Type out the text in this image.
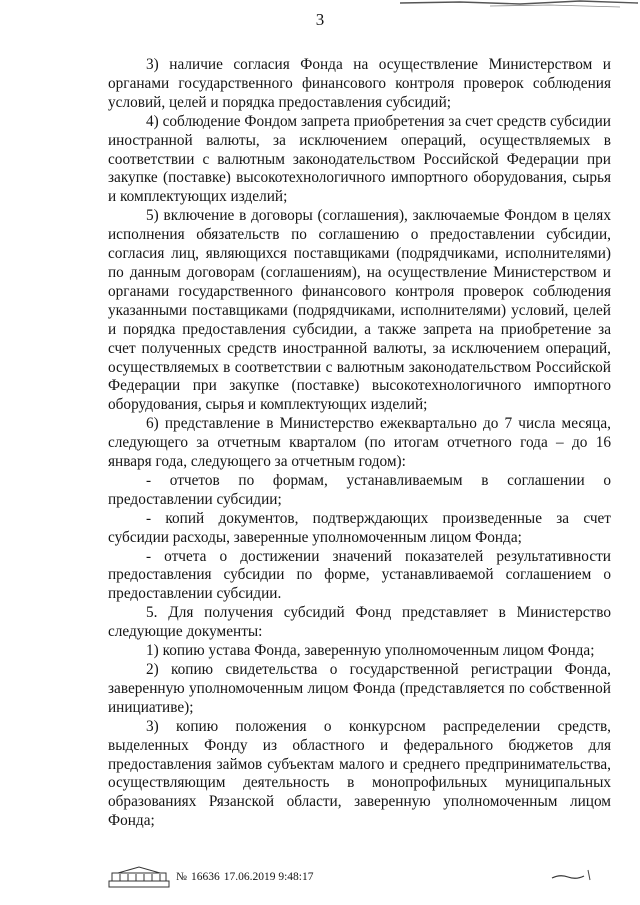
3

3) наличие согласия Фонда на осуществление Министерством и органами государственного финансового контроля проверок соблюдения условий, целей и порядка предоставления субсидий;

4) соблюдение Фондом запрета приобретения за счет средств субсидии иностранной валюты, за исключением операций, осуществляемых в соответствии с валютным законодательством Российской Федерации при закупке (поставке) высокотехнологичного импортного оборудования, сырья и комплектующих изделий;

5) включение в договоры (соглашения), заключаемые Фондом в целях исполнения обязательств по соглашению о предоставлении субсидии, согласия лиц, являющихся поставщиками (подрядчиками, исполнителями) по данным договорам (соглашениям), на осуществление Министерством и органами государственного финансового контроля проверок соблюдения указанными поставщиками (подрядчиками, исполнителями) условий, целей и порядка предоставления субсидии, а также запрета на приобретение за счет полученных средств иностранной валюты, за исключением операций, осуществляемых в соответствии с валютным законодательством Российской Федерации при закупке (поставке) высокотехнологичного импортного оборудования, сырья и комплектующих изделий;

6) представление в Министерство ежеквартально до 7 числа месяца, следующего за отчетным кварталом (по итогам отчетного года – до 16 января года, следующего за отчетным годом):

- отчетов по формам, устанавливаемым в соглашении о предоставлении субсидии;

- копий документов, подтверждающих произведенные за счет субсидии расходы, заверенные уполномоченным лицом Фонда;

- отчета о достижении значений показателей результативности предоставления субсидии по форме, устанавливаемой соглашением о предоставлении субсидии.

5. Для получения субсидий Фонд представляет в Министерство следующие документы:

1) копию устава Фонда, заверенную уполномоченным лицом Фонда;

2) копию свидетельства о государственной регистрации Фонда, заверенную уполномоченным лицом Фонда (представляется по собственной инициативе);

3) копию положения о конкурсном распределении средств, выделенных Фонду из областного и федерального бюджетов для предоставления займов субъектам малого и среднего предпринимательства, осуществляющим деятельность в монопрофильных муниципальных образованиях Рязанской области, заверенную уполномоченным лицом Фонда;

№ 16636 17.06.2019 9:48:17
